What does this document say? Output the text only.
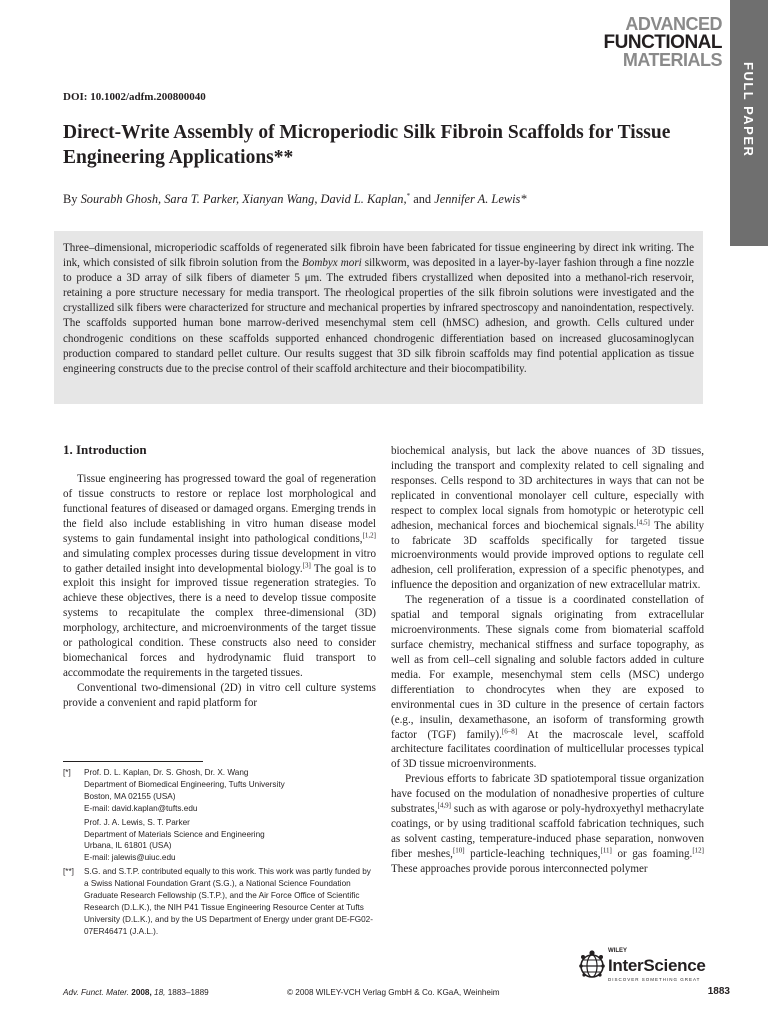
ADVANCED
FUNCTIONAL
MATERIALS
FULL PAPER
DOI: 10.1002/adfm.200800040
Direct-Write Assembly of Microperiodic Silk Fibroin Scaffolds for Tissue Engineering Applications**
By Sourabh Ghosh, Sara T. Parker, Xianyan Wang, David L. Kaplan,* and Jennifer A. Lewis*
Three–dimensional, microperiodic scaffolds of regenerated silk fibroin have been fabricated for tissue engineering by direct ink writing. The ink, which consisted of silk fibroin solution from the Bombyx mori silkworm, was deposited in a layer-by-layer fashion through a fine nozzle to produce a 3D array of silk fibers of diameter 5 μm. The extruded fibers crystallized when deposited into a methanol-rich reservoir, retaining a pore structure necessary for media transport. The rheological properties of the silk fibroin solutions were investigated and the crystallized silk fibers were characterized for structure and mechanical properties by infrared spectroscopy and nanoindentation, respectively. The scaffolds supported human bone marrow-derived mesenchymal stem cell (hMSC) adhesion, and growth. Cells cultured under chondrogenic conditions on these scaffolds supported enhanced chondrogenic differentiation based on increased glucosaminoglycan production compared to standard pellet culture. Our results suggest that 3D silk fibroin scaffolds may find potential application as tissue engineering constructs due to the precise control of their scaffold architecture and their biocompatibility.
1. Introduction

Tissue engineering has progressed toward the goal of regeneration of tissue constructs to restore or replace lost morphological and functional features of diseased or damaged organs. Emerging trends in the field also include establishing in vitro human disease model systems to gain fundamental insight into pathological conditions,[1,2] and simulating complex processes during tissue development in vitro to gather detailed insight into developmental biology.[3] The goal is to exploit this insight for improved tissue regeneration strategies. To achieve these objectives, there is a need to develop tissue composite systems to recapitulate the complex three-dimensional (3D) morphology, architecture, and microenvironments of the target tissue or pathological condition. These constructs also need to consider biomechanical forces and hydrodynamic fluid transport to accommodate the requirements in the targeted tissues.

Conventional two-dimensional (2D) in vitro cell culture systems provide a convenient and rapid platform for

biochemical analysis, but lack the above nuances of 3D tissues, including the transport and complexity related to cell signaling and responses. Cells respond to 3D architectures in ways that can not be replicated in conventional monolayer cell culture, especially with respect to complex local signals from homotypic or heterotypic cell adhesion, mechanical forces and biochemical signals.[4,5] The ability to fabricate 3D scaffolds specifically for targeted tissue microenvironments would provide improved options to regulate cell adhesion, cell proliferation, expression of a specific phenotypes, and influence the deposition and organization of new extracellular matrix.

The regeneration of a tissue is a coordinated constellation of spatial and temporal signals originating from extracellular microenvironments. These signals come from biomaterial scaffold surface chemistry, mechanical stiffness and surface topography, as well as from cell–cell signaling and soluble factors added in culture media. For example, mesenchymal stem cells (MSC) undergo differentiation to chondrocytes when they are exposed to environmental cues in 3D culture in the presence of certain factors (e.g., insulin, dexamethasone, an isoform of transforming growth factor (TGF) family).[6–8] At the macroscale level, scaffold architecture facilitates coordination of multicellular processes typical of 3D tissue microenvironments.

Previous efforts to fabricate 3D spatiotemporal tissue organization have focused on the modulation of nonadhesive properties of culture substrates,[4,9] such as with agarose or poly-hydroxyethyl methacrylate coatings, or by using traditional scaffold fabrication techniques, such as solvent casting, temperature-induced phase separation, nonwoven fiber meshes,[10] particle-leaching techniques,[11] or gas foaming.[12] These approaches provide porous interconnected polymer

[*] Prof. D. L. Kaplan, Dr. S. Ghosh, Dr. X. Wang
Department of Biomedical Engineering, Tufts University
Boston, MA 02155 (USA)
E-mail: david.kaplan@tufts.edu
Prof. J. A. Lewis, S. T. Parker
Department of Materials Science and Engineering
Urbana, IL 61801 (USA)
E-mail: jalewis@uiuc.edu
[**] S.G. and S.T.P. contributed equally to this work. This work was partly funded by a Swiss National Foundation Grant (S.G.), a National Science Foundation Graduate Research Fellowship (S.T.P.), and the Air Force Office of Scientific Research (D.L.K.), the NIH P41 Tissue Engineering Resource Center at Tufts University (D.L.K.), and by the US Department of Energy under grant DE-FG02- 07ER46471 (J.A.L.).
WILEY
InterScience
DISCOVER SOMETHING GREAT
Adv. Funct. Mater. 2008, 18, 1883–1889	© 2008 WILEY-VCH Verlag GmbH & Co. KGaA, Weinheim	1883
